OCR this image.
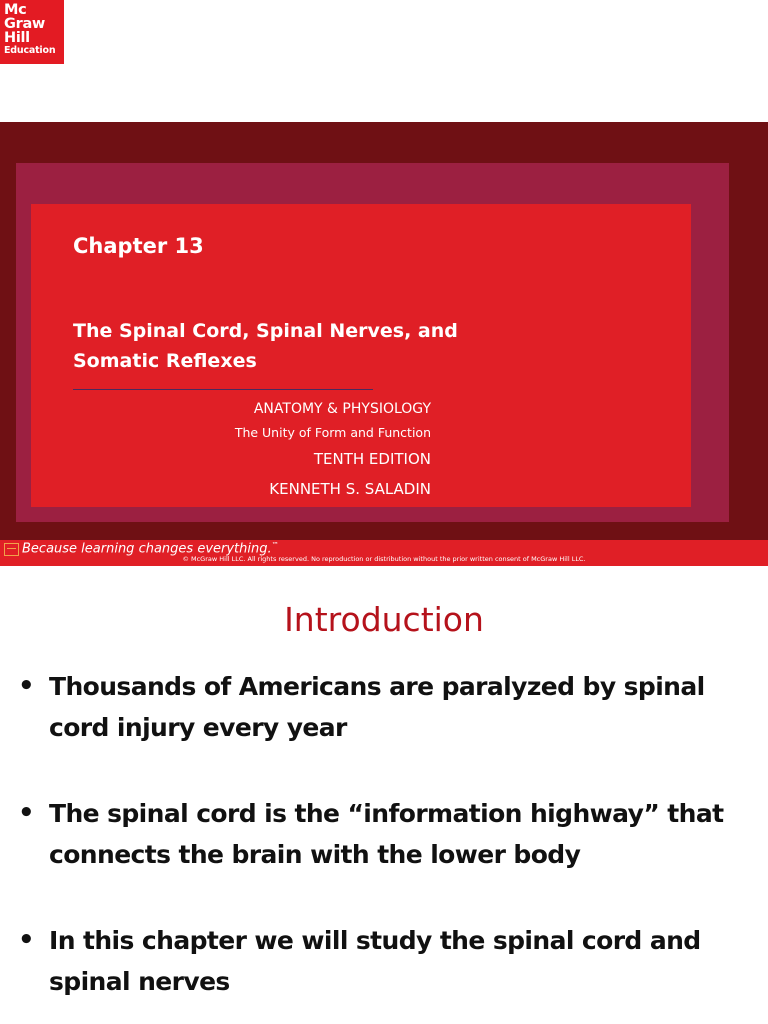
Mc
Graw
Hill
Education
Chapter 13
The Spinal Cord, Spinal Nerves, and Somatic Reflexes
ANATOMY & PHYSIOLOGY
The Unity of Form and Function
TENTH EDITION
KENNETH S. SALADIN
Because learning changes everything.™
© McGraw Hill LLC. All rights reserved. No reproduction or distribution without the prior written consent of McGraw Hill LLC.
Introduction
• Thousands of Americans are paralyzed by spinal cord injury every year
• The spinal cord is the “information highway” that connects the brain with the lower body
• In this chapter we will study the spinal cord and spinal nerves
